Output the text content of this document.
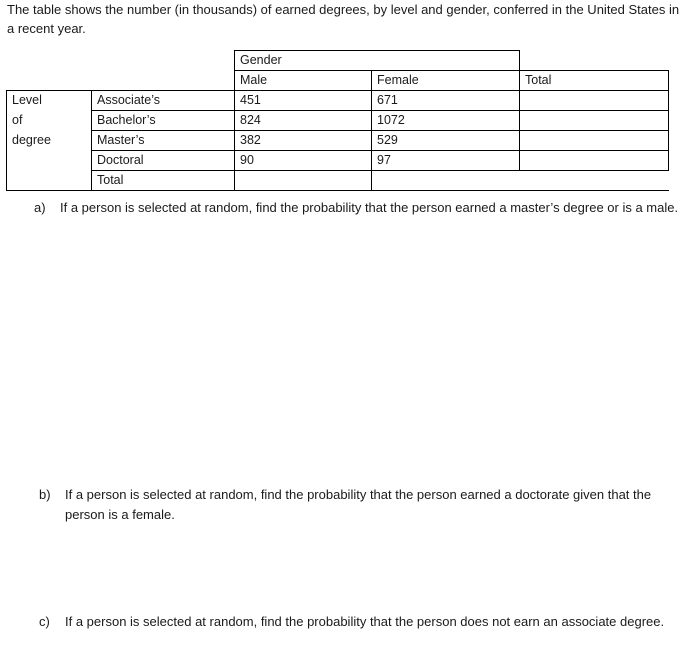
The table shows the number (in thousands) of earned degrees, by level and gender, conferred in the United States in a recent year.
		Gender		
		Male	Female	Total
Level	Associate’s	451	671	
of	Bachelor’s	824	1072	
degree	Master’s	382	529	
	Doctoral	90	97	
	Total			
a) If a person is selected at random, find the probability that the person earned a master’s degree or is a male.
b) If a person is selected at random, find the probability that the person earned a doctorate given that the person is a female.
c) If a person is selected at random, find the probability that the person does not earn an associate degree.
